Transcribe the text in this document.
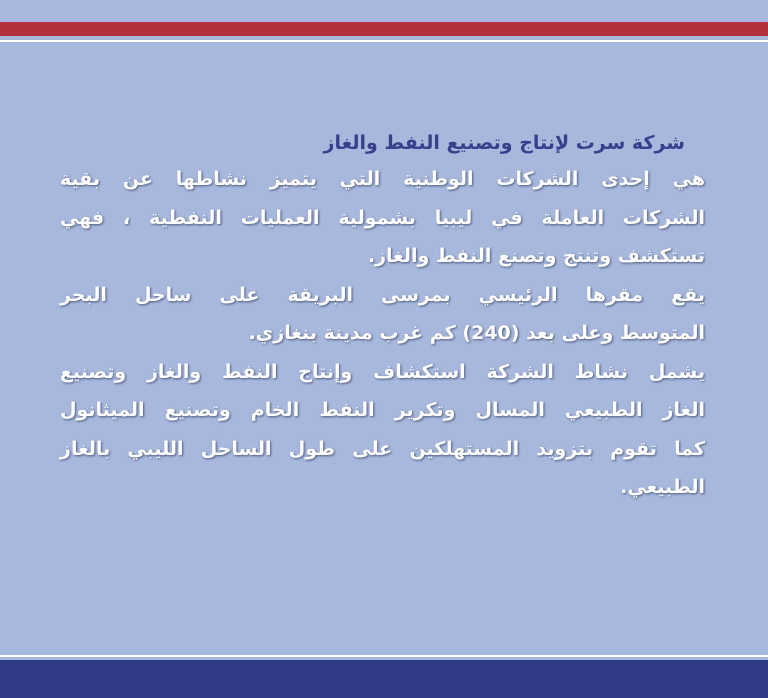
شركة سرت لإنتاج وتصنيع النفط والغاز
هي إحدى الشركات الوطنية التي يتميز نشاطها عن بقية
الشركات العاملة في ليبيا بشمولية العمليات النفطية ، فهي
تستكشف وتنتج وتصنع النفط والغاز.
يقع مقرها الرئيسي بمرسى البريقة على ساحل البحر
المتوسط وعلى بعد (240) كم غرب مدينة بنغازي.
يشمل نشاط الشركة استكشاف وإنتاج النفط والغاز وتصنيع
الغاز الطبيعي المسال وتكرير النفط الخام وتصنيع الميثانول
كما تقوم بتزويد المستهلكين على طول الساحل الليبي بالغاز
الطبيعي.
